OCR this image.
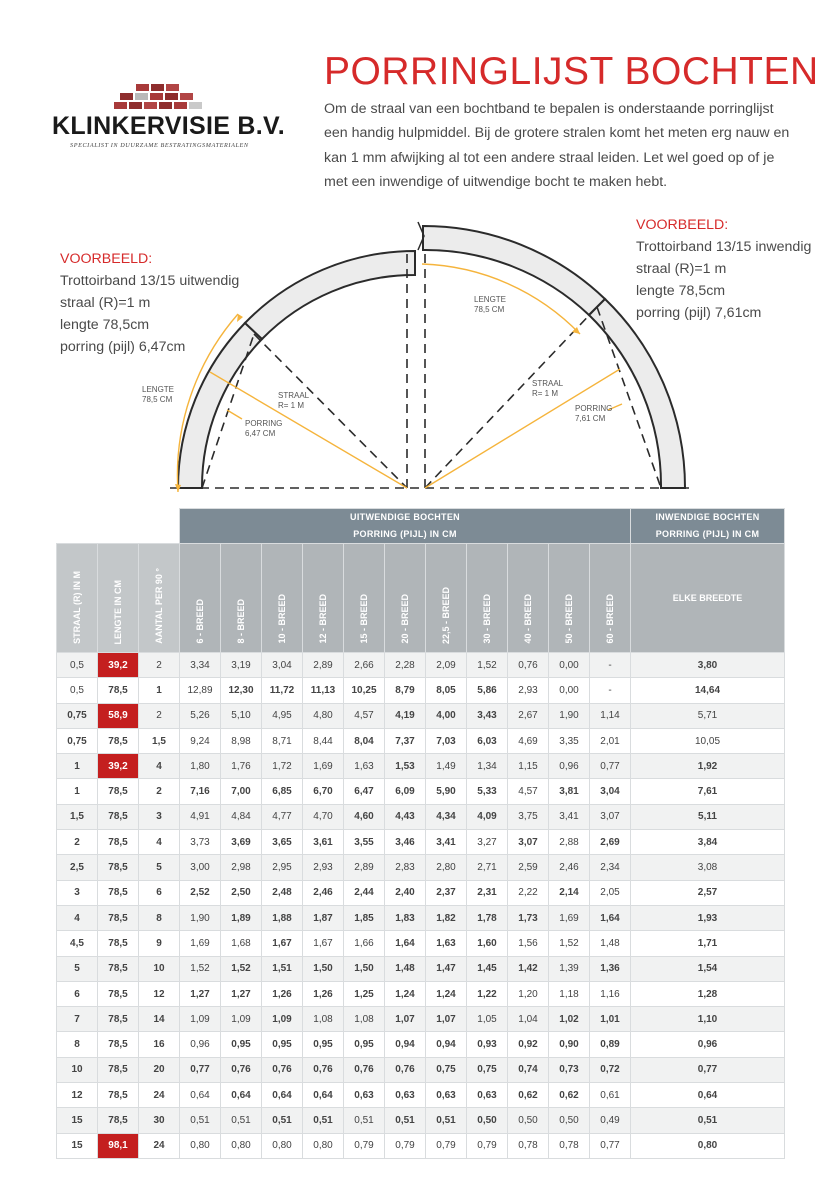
KLINKERVISIE B.V.
SPECIALIST IN DUURZAME BESTRATINGSMATERIALEN
PORRINGLIJST BOCHTEN
Om de straal van een bochtband te bepalen is onderstaande porringlijst een handig hulpmiddel. Bij de grotere stralen komt het meten erg nauw en kan 1 mm afwijking al tot een andere straal leiden. Let wel goed op of je met een inwendige of uitwendige bocht te maken hebt.
VOORBEELD:
Trottoirband 13/15 uitwendig
straal (R)=1 m
lengte 78,5cm
porring (pijl) 6,47cm
VOORBEELD:
Trottoirband 13/15 inwendig
straal (R)=1 m
lengte 78,5cm
porring (pijl) 7,61cm
LENGTE
78,5 CM	STRAAL
R= 1 M
PORRING
6,47 CM
LENGTE
78,5 CM
STRAAL
R= 1 M
PORRING
7,61 CM
			UITWENDIGE BOCHTEN
PORRING (PIJL) IN CM											INWENDIGE BOCHTEN
PORRING (PIJL) IN CM
STRAAL (R) IN M	LENGTE IN CM	AANTAL PER 90 °	6 - BREED	8 - BREED	10 - BREED	12 - BREED	15 - BREED	20 - BREED	22,5 - BREED	30 - BREED	40 - BREED	50 - BREED	60 - BREED	ELKE BREEDTE
0,5	39,2	2	3,34	3,19	3,04	2,89	2,66	2,28	2,09	1,52	0,76	0,00	-	3,80
0,5	78,5	1	12,89	12,30	11,72	11,13	10,25	8,79	8,05	5,86	2,93	0,00	-	14,64
0,75	58,9	2	5,26	5,10	4,95	4,80	4,57	4,19	4,00	3,43	2,67	1,90	1,14	5,71
0,75	78,5	1,5	9,24	8,98	8,71	8,44	8,04	7,37	7,03	6,03	4,69	3,35	2,01	10,05
1	39,2	4	1,80	1,76	1,72	1,69	1,63	1,53	1,49	1,34	1,15	0,96	0,77	1,92
1	78,5	2	7,16	7,00	6,85	6,70	6,47	6,09	5,90	5,33	4,57	3,81	3,04	7,61
1,5	78,5	3	4,91	4,84	4,77	4,70	4,60	4,43	4,34	4,09	3,75	3,41	3,07	5,11
2	78,5	4	3,73	3,69	3,65	3,61	3,55	3,46	3,41	3,27	3,07	2,88	2,69	3,84
2,5	78,5	5	3,00	2,98	2,95	2,93	2,89	2,83	2,80	2,71	2,59	2,46	2,34	3,08
3	78,5	6	2,52	2,50	2,48	2,46	2,44	2,40	2,37	2,31	2,22	2,14	2,05	2,57
4	78,5	8	1,90	1,89	1,88	1,87	1,85	1,83	1,82	1,78	1,73	1,69	1,64	1,93
4,5	78,5	9	1,69	1,68	1,67	1,67	1,66	1,64	1,63	1,60	1,56	1,52	1,48	1,71
5	78,5	10	1,52	1,52	1,51	1,50	1,50	1,48	1,47	1,45	1,42	1,39	1,36	1,54
6	78,5	12	1,27	1,27	1,26	1,26	1,25	1,24	1,24	1,22	1,20	1,18	1,16	1,28
7	78,5	14	1,09	1,09	1,09	1,08	1,08	1,07	1,07	1,05	1,04	1,02	1,01	1,10
8	78,5	16	0,96	0,95	0,95	0,95	0,95	0,94	0,94	0,93	0,92	0,90	0,89	0,96
10	78,5	20	0,77	0,76	0,76	0,76	0,76	0,76	0,75	0,75	0,74	0,73	0,72	0,77
12	78,5	24	0,64	0,64	0,64	0,64	0,63	0,63	0,63	0,63	0,62	0,62	0,61	0,64
15	78,5	30	0,51	0,51	0,51	0,51	0,51	0,51	0,51	0,50	0,50	0,50	0,49	0,51
15	98,1	24	0,80	0,80	0,80	0,80	0,79	0,79	0,79	0,79	0,78	0,78	0,77	0,80
